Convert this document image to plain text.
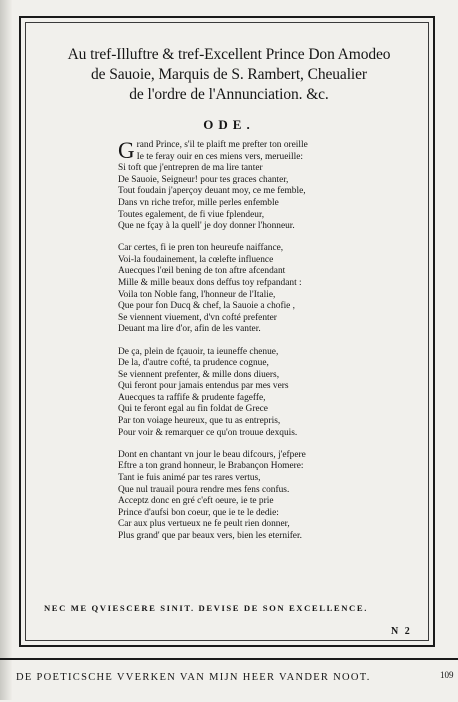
Au tref-Illuftre & tref-Excellent Prince Don Amodeo
de Sauoie, Marquis de S. Rambert, Cheualier
de l'ordre de l'Annunciation. &c.
ODE.
G rand Prince, s'il te plaift me prefter ton oreille
Ie te feray ouir en ces miens vers, merueille:
Si toft que j'entrepren de ma lire tanter
De Sauoie, Seigneur! pour tes graces chanter,
Tout foudain j'aperçoy deuant moy, ce me femble,
Dans vn riche trefor, mille perles enfemble
Toutes egalement, de fi viue fplendeur,
Que ne fçay à la quell' je doy donner l'honneur.
Car certes, fi ie pren ton heureufe naiffance,
Voi-la foudainement, la cœlefte influence
Auecques l'œil bening de ton aftre afcendant
Mille & mille beaux dons deffus toy refpandant :
Voila ton Noble fang, l'honneur de l'Italie,
Que pour fon Ducq & chef, la Sauoie a chofie ,
Se viennent viuement, d'vn cofté prefenter
Deuant ma lire d'or, afin de les vanter.
De ça, plein de fçauoir, ta ieuneffe chenue,
De la, d'autre cofté, ta prudence cognue,
Se viennent prefenter, & mille dons diuers,
Qui feront pour jamais entendus par mes vers
Auecques ta raffife & prudente fageffe,
Qui te feront egal au fin foldat de Grece
Par ton voiage heureux, que tu as entrepris,
Pour voir & remarquer ce qu'on trouue dexquis.
Dont en chantant vn jour le beau difcours, j'efpere
Eftre a ton grand honneur, le Brabançon Homere:
Tant ie fuis animé par tes rares vertus,
Que nul trauail poura rendre mes fens confus.
Acceptz donc en gré c'eft oeure, ie te prie
Prince d'aufsi bon coeur, que ie te le dedie:
Car aux plus vertueux ne fe peult rien donner,
Plus grand' que par beaux vers, bien les eternifer.
NEC ME QVIESCERE SINIT. DEVISE DE SON EXCELLENCE.
N 2
DE POETICSCHE VVERKEN VAN MIJN HEER VANDER NOOT.	109
